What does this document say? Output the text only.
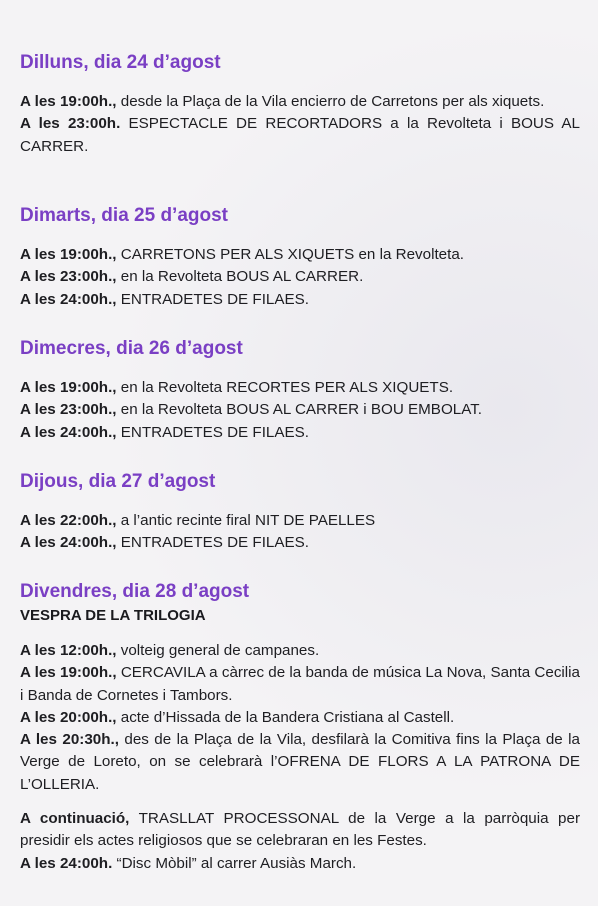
Dilluns, dia 24 d’agost

A les 19:00h., desde la Plaça de la Vila encierro de Carretons per als xiquets.

A les 23:00h. ESPECTACLE DE RECORTADORS a la Revolteta i BOUS AL CARRER.

Dimarts, dia 25 d’agost

A les 19:00h., CARRETONS PER ALS XIQUETS en la Revolteta.

A les 23:00h., en la Revolteta BOUS AL CARRER.

A les 24:00h., ENTRADETES DE FILAES.

Dimecres, dia 26 d’agost

A les 19:00h., en la Revolteta RECORTES PER ALS XIQUETS.

A les 23:00h., en la Revolteta BOUS AL CARRER i BOU EMBOLAT.

A les 24:00h., ENTRADETES DE FILAES.

Dijous, dia 27 d’agost

A les 22:00h., a l’antic recinte firal NIT DE PAELLES

A les 24:00h., ENTRADETES DE FILAES.

Divendres, dia 28 d’agost
VESPRA DE LA TRILOGIA

A les 12:00h., volteig general de campanes.

A les 19:00h., CERCAVILA a càrrec de la banda de música La Nova, Santa Cecilia i Banda de Cornetes i Tambors.

A les 20:00h., acte d’Hissada de la Bandera Cristiana al Castell.

A les 20:30h., des de la Plaça de la Vila, desfilarà la Comitiva fins la Plaça de la Verge de Loreto, on se celebrarà l’OFRENA DE FLORS A LA PATRONA DE L’OLLERIA.

A continuació, TRASLLAT PROCESSONAL de la Verge a la parròquia per presidir els actes religiosos que se celebraran en les Festes.

A les 24:00h. “Disc Mòbil” al carrer Ausiàs March.
